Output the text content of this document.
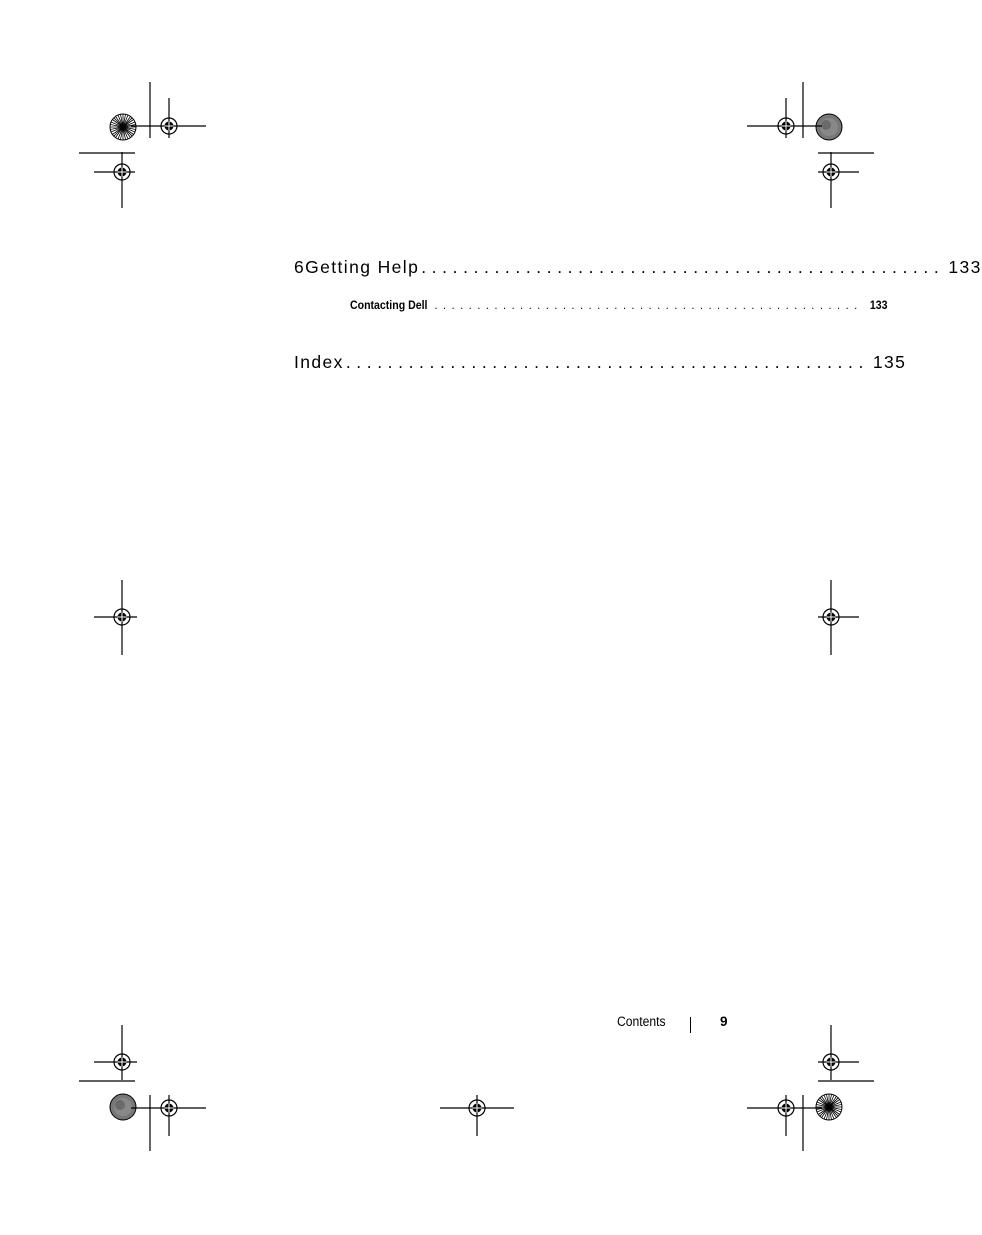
6 Getting Help .................................................. 133
Contacting Dell .................................................. 133
Index .................................................. 135
Contents	9
